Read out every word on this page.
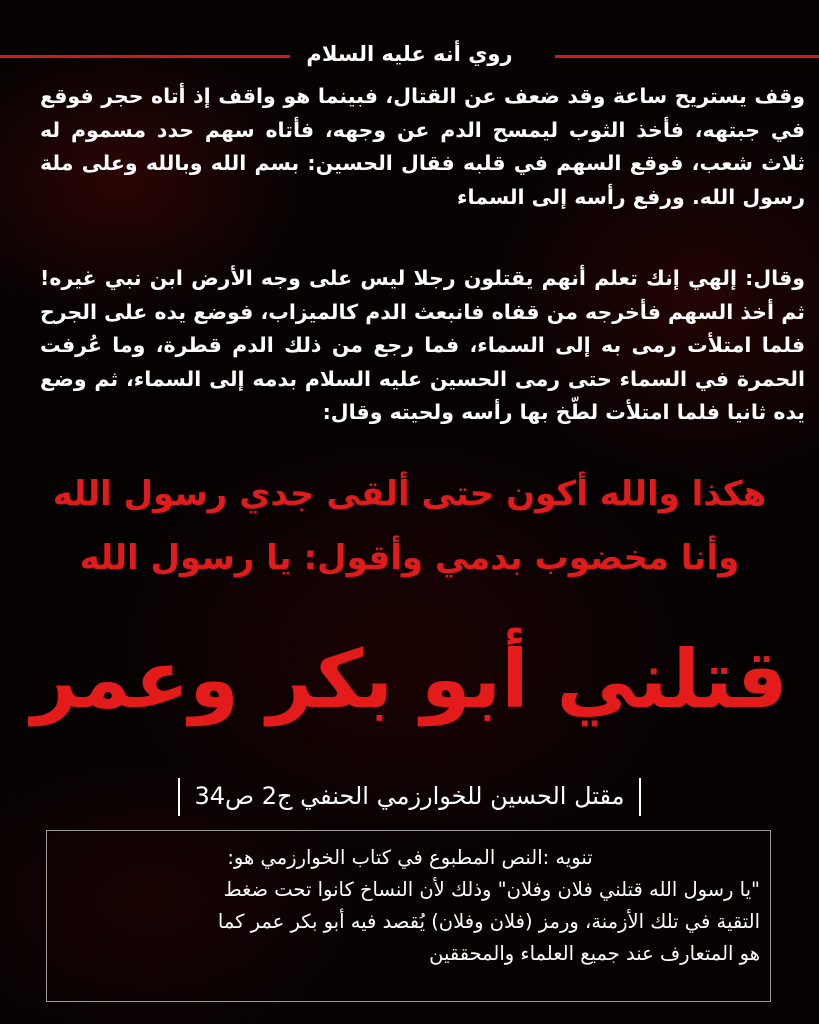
روي أنه عليه السلام
وقف يستريح ساعة وقد ضعف عن القتال، فبينما هو واقف إذ أتاه حجر فوقع في جبتهه، فأخذ الثوب ليمسح الدم عن وجهه، فأتاه سهم حدد مسموم له ثلاث شعب، فوقع السهم في قلبه فقال الحسين: بسم الله وبالله وعلى ملة رسول الله. ورفع رأسه إلى السماء
وقال: إلهي إنك تعلم أنهم يقتلون رجلا ليس على وجه الأرض ابن نبي غيره! ثم أخذ السهم فأخرجه من قفاه فانبعث الدم كالميزاب، فوضع يده على الجرح فلما امتلأت رمى به إلى السماء، فما رجع من ذلك الدم قطرة، وما عُرفت الحمرة في السماء حتى رمى الحسين عليه السلام بدمه إلى السماء، ثم وضع يده ثانيا فلما امتلأت لطّخ بها رأسه ولحيته وقال:
هكذا والله أكون حتى ألقى جدي رسول الله
وأنا مخضوب بدمي وأقول: يا رسول الله
قتلني أبو بكر وعمر
مقتل الحسين للخوارزمي الحنفي ج2 ص34
تنويه :النص المطبوع في كتاب الخوارزمي هو:
"يا رسول الله قتلني فلان وفلان" وذلك لأن النساخ كانوا تحت ضغط
التقية في تلك الأزمنة، ورمز (فلان وفلان) يُقصد فيه أبو بكر عمر كما
هو المتعارف عند جميع العلماء والمحققين
